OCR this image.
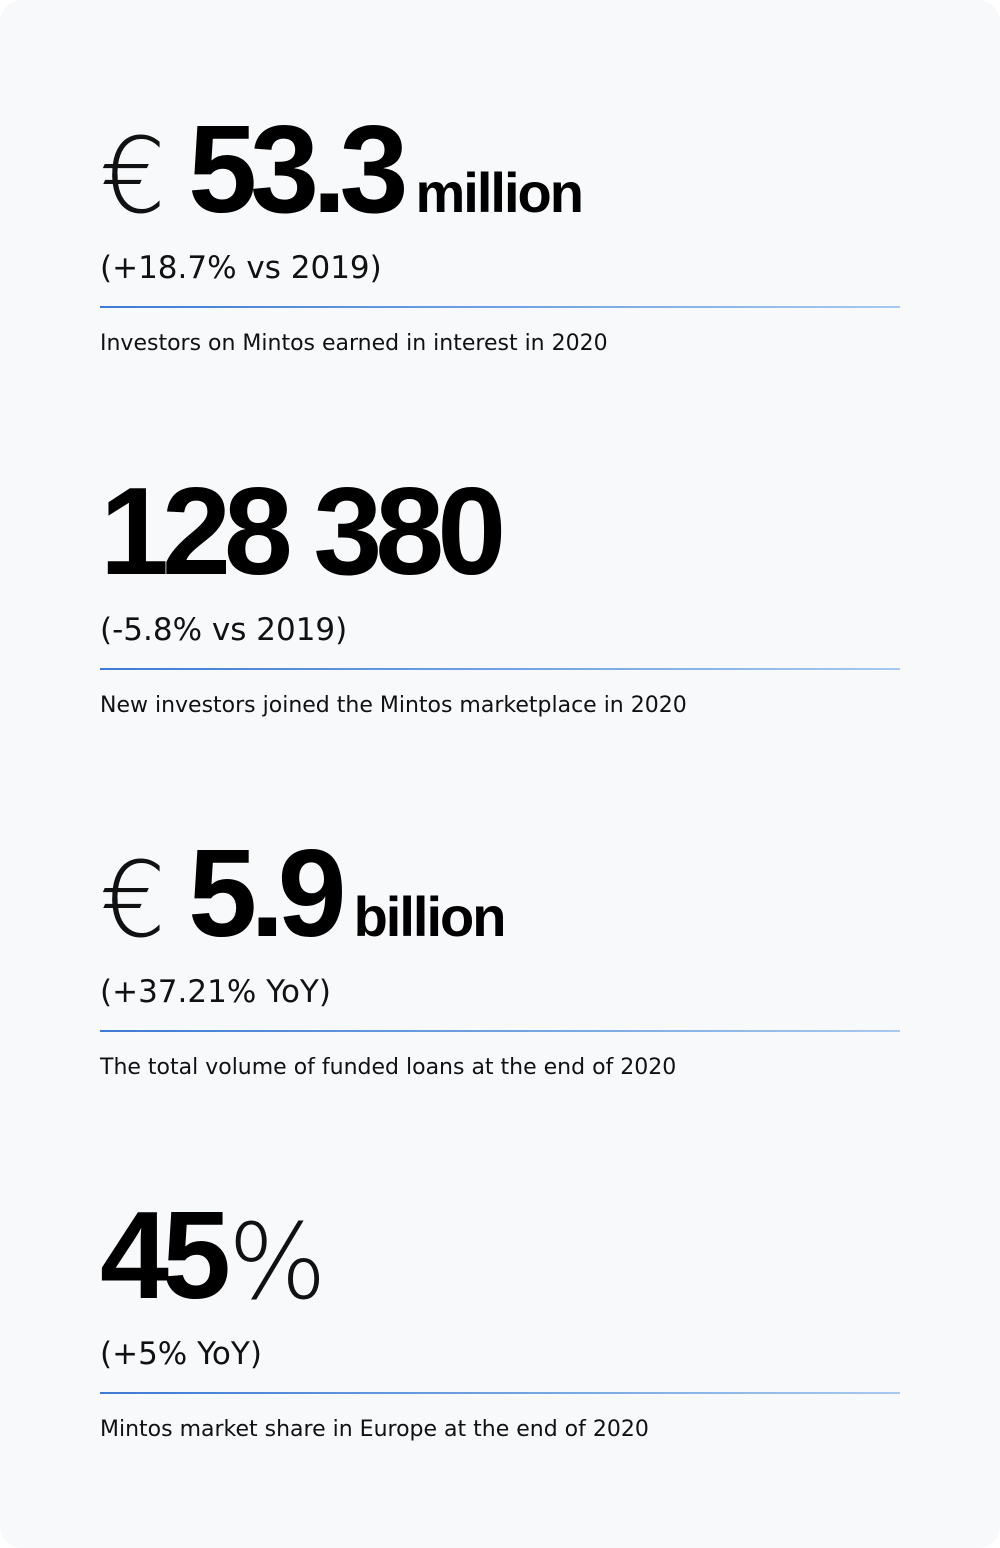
€ 53.3 million
(+18.7% vs 2019)
Investors on Mintos earned in interest in 2020
128 380
(-5.8% vs 2019)
New investors joined the Mintos marketplace in 2020
€ 5.9 billion
(+37.21% YoY)
The total volume of funded loans at the end of 2020
45 %
(+5% YoY)
Mintos market share in Europe at the end of 2020
